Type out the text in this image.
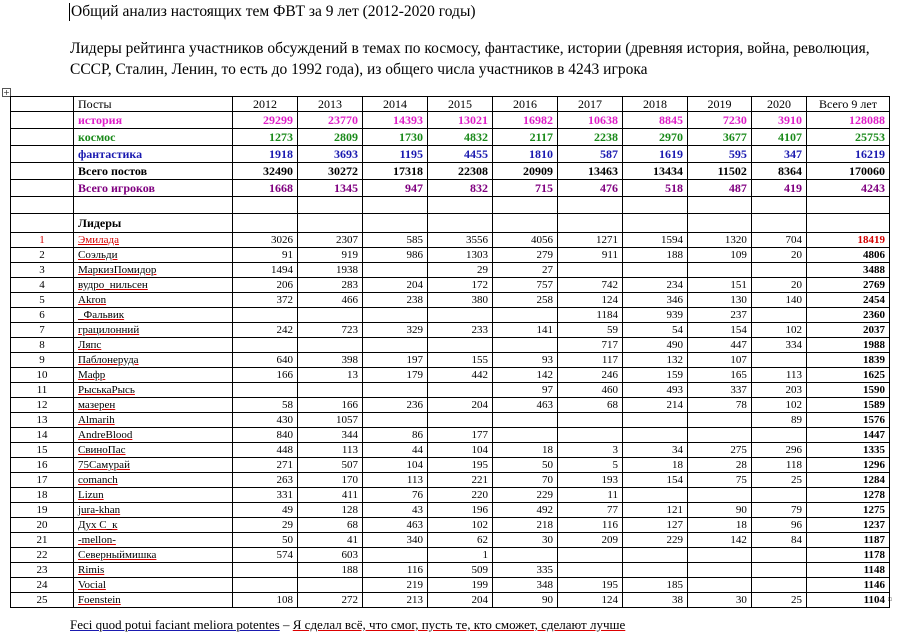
Общий анализ настоящих тем ФВТ за 9 лет (2012-2020 годы)
Лидеры рейтинга участников обсуждений в темах по космосу, фантастике, истории (древняя история, война, революция, СССР, Сталин, Ленин, то есть до 1992 года), из общего числа участников в 4243 игрока
+
	Посты	2012	2013	2014	2015	2016	2017	2018	2019	2020	Всего 9 лет
	история	29299	23770	14393	13021	16982	10638	8845	7230	3910	128088
	космос	1273	2809	1730	4832	2117	2238	2970	3677	4107	25753
	фантастика	1918	3693	1195	4455	1810	587	1619	595	347	16219
	Всего постов	32490	30272	17318	22308	20909	13463	13434	11502	8364	170060
	Всего игроков	1668	1345	947	832	715	476	518	487	419	4243

	Лидеры										
1	Эмилада	3026	2307	585	3556	4056	1271	1594	1320	704	18419
2	Соэльди	91	919	986	1303	279	911	188	109	20	4806
3	МаркизПомидор	1494	1938		29	27					3488
4	вудро_нильсен	206	283	204	172	757	742	234	151	20	2769
5	Akron	372	466	238	380	258	124	346	130	140	2454
6	_Фальвик						1184	939	237		2360
7	грацилонний	242	723	329	233	141	59	54	154	102	2037
8	Ляпс						717	490	447	334	1988
9	Паблонеруда	640	398	197	155	93	117	132	107		1839
10	Мафр	166	13	179	442	142	246	159	165	113	1625
11	РыськаРысь					97	460	493	337	203	1590
12	мазерен	58	166	236	204	463	68	214	78	102	1589
13	Almarih	430	1057							89	1576
14	AndreBlood	840	344	86	177						1447
15	СвиноПас	448	113	44	104	18	3	34	275	296	1335
16	75Самурай	271	507	104	195	50	5	18	28	118	1296
17	comanch	263	170	113	221	70	193	154	75	25	1284
18	Lizun	331	411	76	220	229	11				1278
19	jura-khan	49	128	43	196	492	77	121	90	79	1275
20	Дух С_к	29	68	463	102	218	116	127	18	96	1237
21	-mellon-	50	41	340	62	30	209	229	142	84	1187
22	Северныймишка	574	603		1						1178
23	Rimis		188	116	509	335					1148
24	Vocial			219	199	348	195	185			1146
25	Foenstein	108	272	213	204	90	124	38	30	25	1104
Feci quod potui faciant meliora potentes – Я сделал всё, что смог, пусть те, кто сможет, сделают лучше
□
